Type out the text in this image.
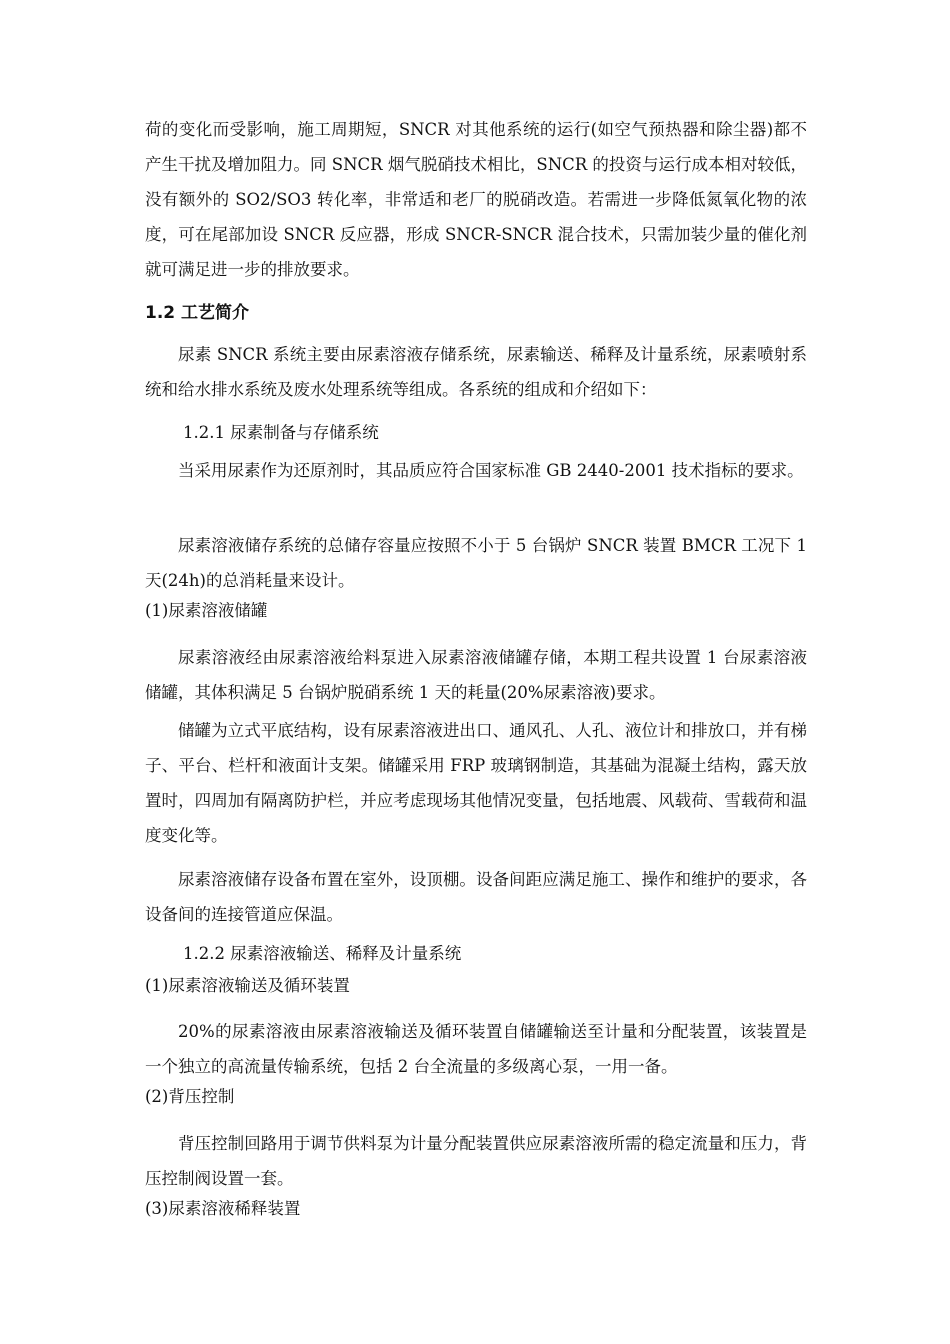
荷的变化而受影响，施工周期短，SNCR 对其他系统的运行(如空气预热器和除尘器)都不产生干扰及增加阻力。同 SNCR 烟气脱硝技术相比，SNCR 的投资与运行成本相对较低，没有额外的 SO2/SO3 转化率，非常适和老厂的脱硝改造。若需进一步降低氮氧化物的浓度，可在尾部加设 SNCR 反应器，形成 SNCR-SNCR 混合技术，只需加装少量的催化剂就可满足进一步的排放要求。

1.2 工艺简介

尿素 SNCR 系统主要由尿素溶液存储系统，尿素输送、稀释及计量系统，尿素喷射系统和给水排水系统及废水处理系统等组成。各系统的组成和介绍如下：

1.2.1 尿素制备与存储系统

当采用尿素作为还原剂时，其品质应符合国家标准 GB 2440-2001 技术指标的要求。

尿素溶液储存系统的总储存容量应按照不小于 5 台锅炉 SNCR 装置 BMCR 工况下 1 天(24h)的总消耗量来设计。

(1)尿素溶液储罐

尿素溶液经由尿素溶液给料泵进入尿素溶液储罐存储，本期工程共设置 1 台尿素溶液储罐，其体积满足 5 台锅炉脱硝系统 1 天的耗量(20%尿素溶液)要求。

储罐为立式平底结构，设有尿素溶液进出口、通风孔、人孔、液位计和排放口，并有梯子、平台、栏杆和液面计支架。储罐采用 FRP 玻璃钢制造，其基础为混凝土结构，露天放置时，四周加有隔离防护栏，并应考虑现场其他情况变量，包括地震、风载荷、雪载荷和温度变化等。

尿素溶液储存设备布置在室外，设顶棚。设备间距应满足施工、操作和维护的要求，各设备间的连接管道应保温。

1.2.2 尿素溶液输送、稀释及计量系统

(1)尿素溶液输送及循环装置

20%的尿素溶液由尿素溶液输送及循环装置自储罐输送至计量和分配装置，该装置是一个独立的高流量传输系统，包括 2 台全流量的多级离心泵，一用一备。

(2)背压控制

背压控制回路用于调节供料泵为计量分配装置供应尿素溶液所需的稳定流量和压力，背压控制阀设置一套。

(3)尿素溶液稀释装置
